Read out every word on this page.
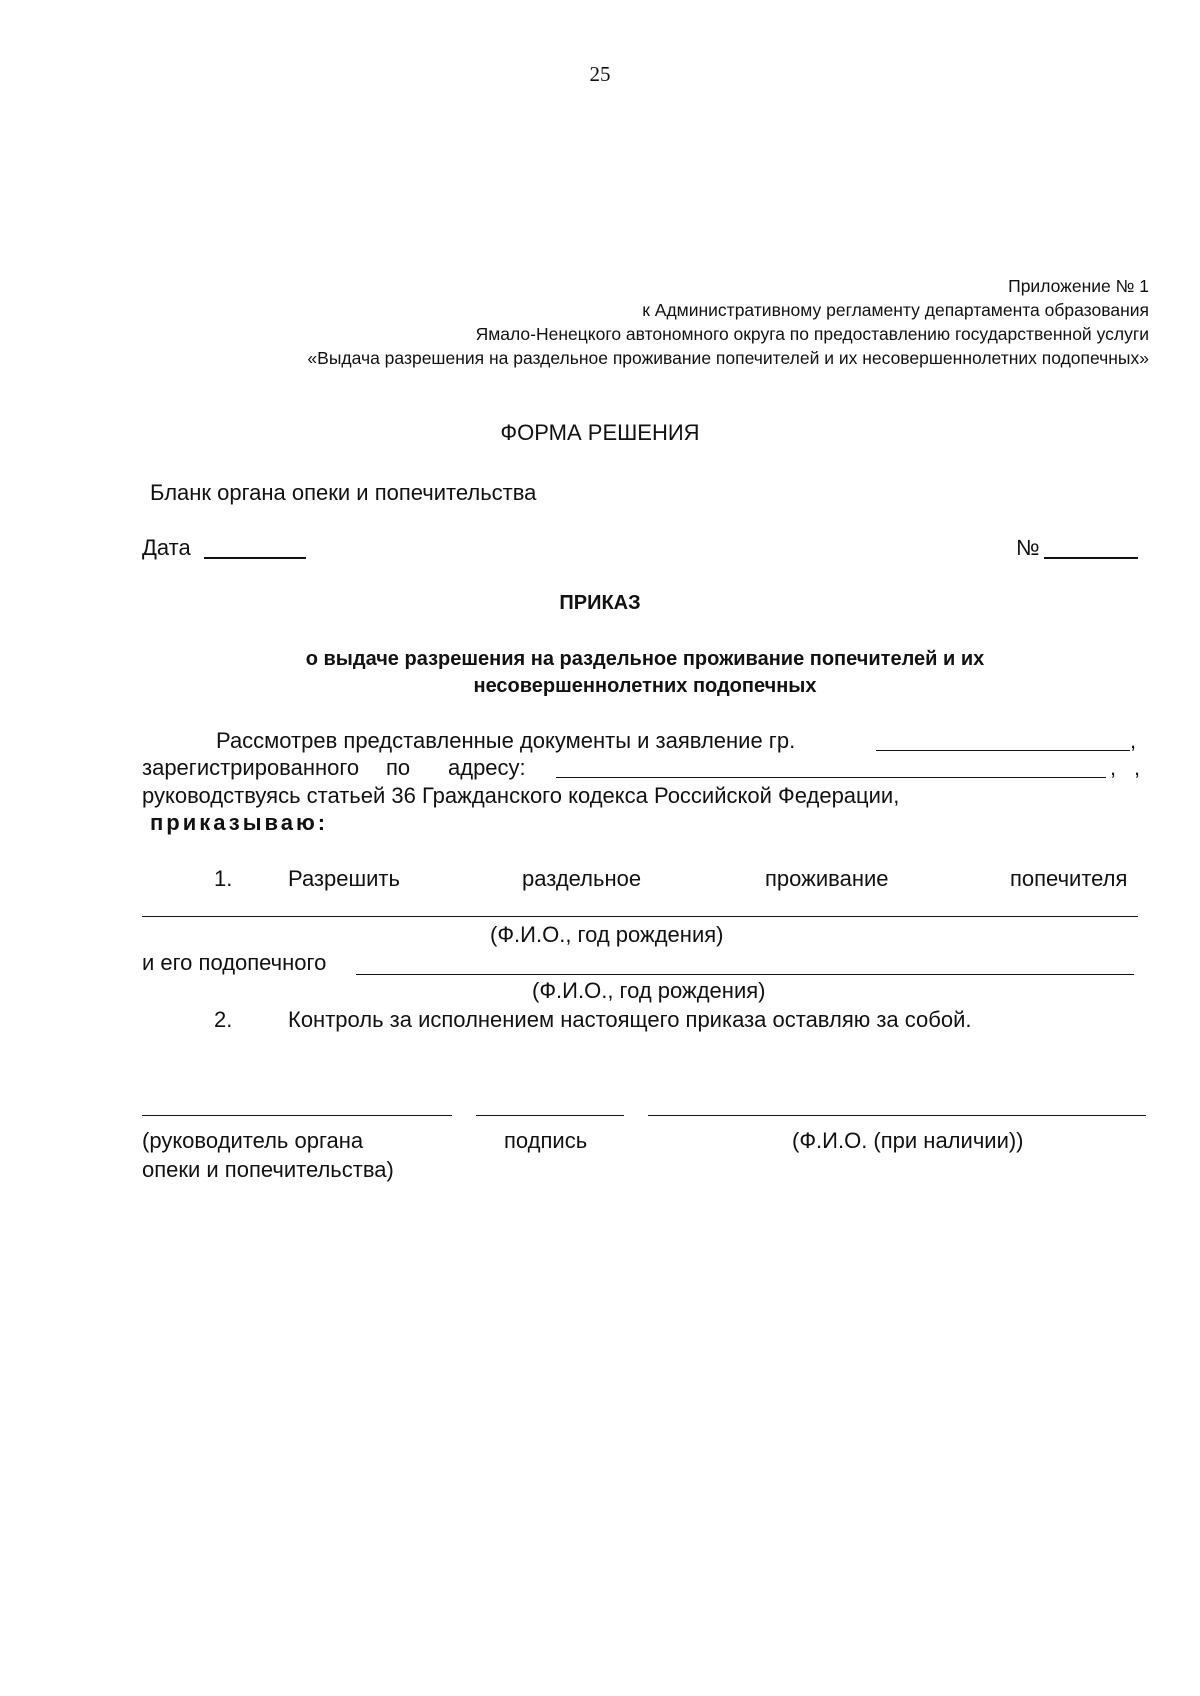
25
Приложение № 1
к Административному регламенту департамента образования
Ямало-Ненецкого автономного округа по предоставлению государственной услуги
«Выдача разрешения на раздельное проживание попечителей и их несовершеннолетних подопечных»
ФОРМА РЕШЕНИЯ
Бланк органа опеки и попечительства
Дата	№
ПРИКАЗ
о выдаче разрешения на раздельное проживание попечителей и их
несовершеннолетних подопечных
Рассмотрев представленные документы и заявление гр.	,
зарегистрированного по адресу:	, ,
руководствуясь статьей 36 Гражданского кодекса Российской Федерации,
приказываю:
1.	Разрешить	раздельное	проживание	попечителя
(Ф.И.О., год рождения)
и его подопечного
(Ф.И.О., год рождения)
2.	Контроль за исполнением настоящего приказа оставляю за собой.
(руководитель органа
опеки и попечительства)
подпись	(Ф.И.О. (при наличии))
